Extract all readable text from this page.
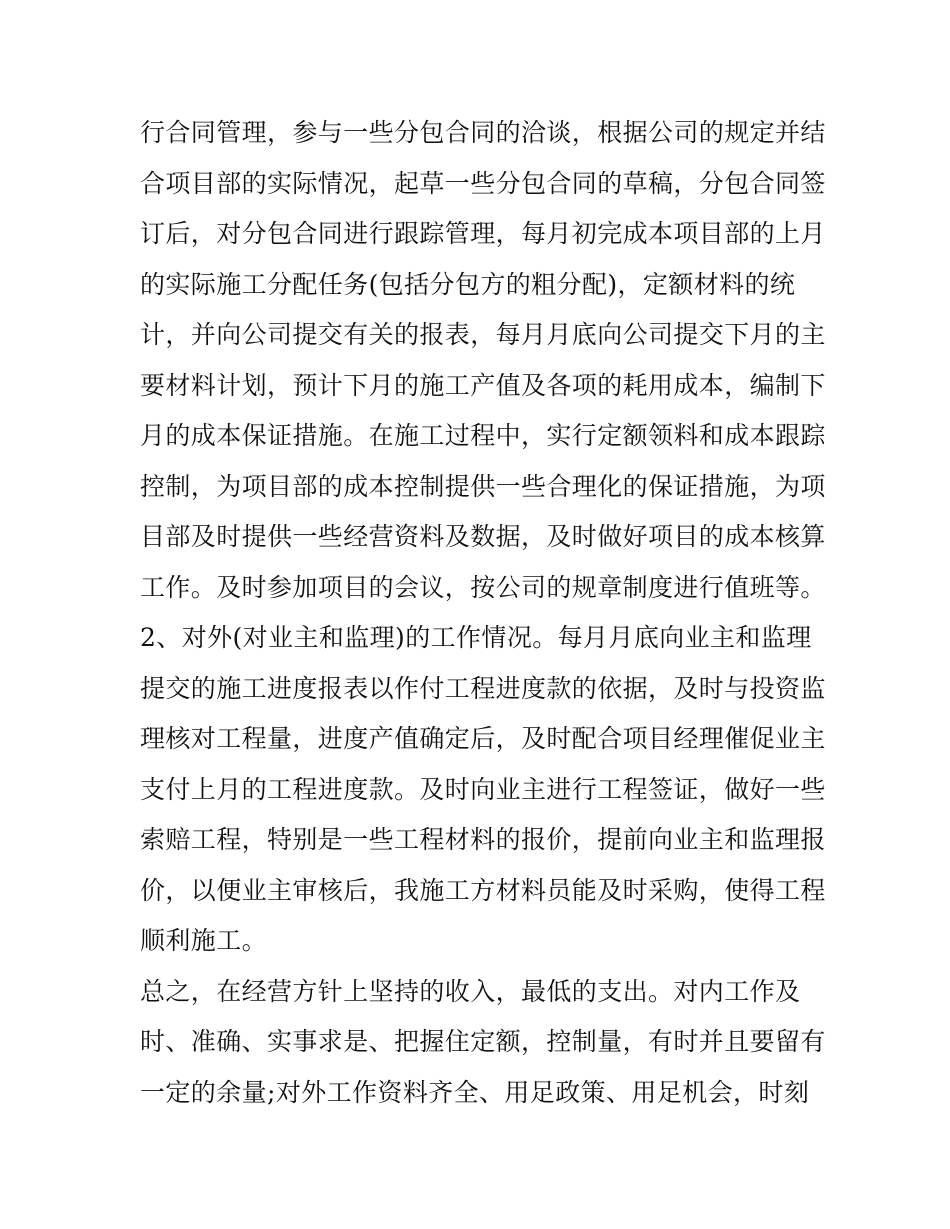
行合同管理，参与一些分包合同的洽谈，根据公司的规定并结
合项目部的实际情况，起草一些分包合同的草稿，分包合同签
订后，对分包合同进行跟踪管理，每月初完成本项目部的上月
的实际施工分配任务(包括分包方的粗分配)，定额材料的统
计，并向公司提交有关的报表，每月月底向公司提交下月的主
要材料计划，预计下月的施工产值及各项的耗用成本，编制下
月的成本保证措施。在施工过程中，实行定额领料和成本跟踪
控制，为项目部的成本控制提供一些合理化的保证措施，为项
目部及时提供一些经营资料及数据，及时做好项目的成本核算
工作。及时参加项目的会议，按公司的规章制度进行值班等。
2、对外(对业主和监理)的工作情况。每月月底向业主和监理
提交的施工进度报表以作付工程进度款的依据，及时与投资监
理核对工程量，进度产值确定后，及时配合项目经理催促业主
支付上月的工程进度款。及时向业主进行工程签证，做好一些
索赔工程，特别是一些工程材料的报价，提前向业主和监理报
价，以便业主审核后，我施工方材料员能及时采购，使得工程
顺利施工。
总之，在经营方针上坚持的收入，最低的支出。对内工作及
时、准确、实事求是、把握住定额，控制量，有时并且要留有
一定的余量;对外工作资料齐全、用足政策、用足机会，时刻
